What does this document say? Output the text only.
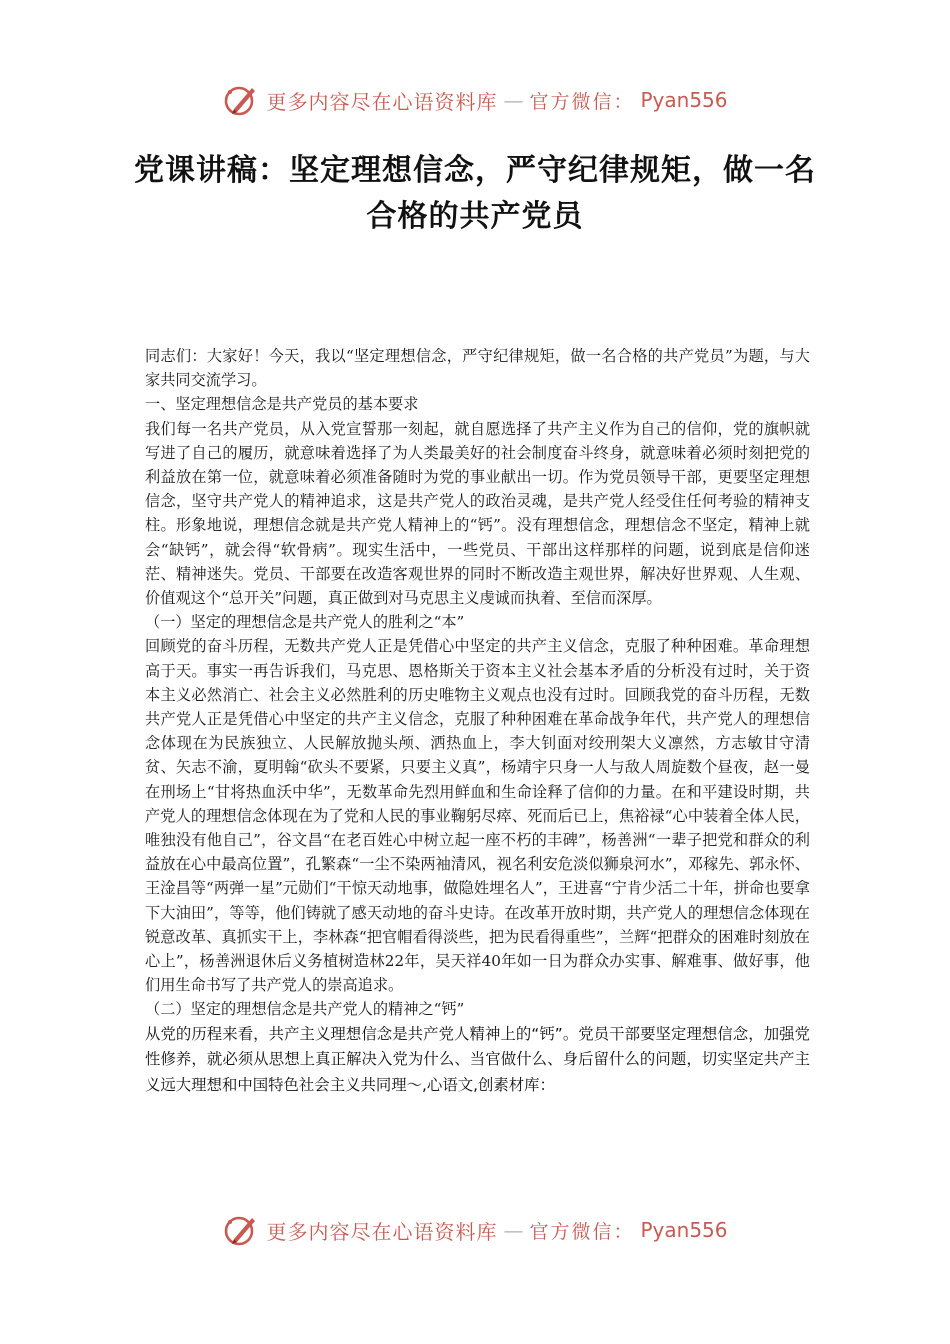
更多内容尽在心语资料库 — 官方微信： Pyan556
党课讲稿：坚定理想信念，严守纪律规矩，做一名合格的共产党员

同志们：大家好！今天，我以“坚定理想信念，严守纪律规矩，做一名合格的共产党员”为题，与大家共同交流学习。

一、坚定理想信念是共产党员的基本要求

我们每一名共产党员，从入党宣誓那一刻起，就自愿选择了共产主义作为自己的信仰，党的旗帜就写进了自己的履历，就意味着选择了为人类最美好的社会制度奋斗终身，就意味着必须时刻把党的利益放在第一位，就意味着必须准备随时为党的事业献出一切。作为党员领导干部，更要坚定理想信念，坚守共产党人的精神追求，这是共产党人的政治灵魂，是共产党人经受住任何考验的精神支柱。形象地说，理想信念就是共产党人精神上的“钙”。没有理想信念，理想信念不坚定，精神上就会“缺钙”，就会得“软骨病”。现实生活中，一些党员、干部出这样那样的问题，说到底是信仰迷茫、精神迷失。党员、干部要在改造客观世界的同时不断改造主观世界，解决好世界观、人生观、价值观这个“总开关”问题，真正做到对马克思主义虔诚而执着、至信而深厚。

（一）坚定的理想信念是共产党人的胜利之“本”

回顾党的奋斗历程，无数共产党人正是凭借心中坚定的共产主义信念，克服了种种困难。革命理想高于天。事实一再告诉我们，马克思、恩格斯关于资本主义社会基本矛盾的分析没有过时，关于资本主义必然消亡、社会主义必然胜利的历史唯物主义观点也没有过时。回顾我党的奋斗历程，无数共产党人正是凭借心中坚定的共产主义信念，克服了种种困难在革命战争年代，共产党人的理想信念体现在为民族独立、人民解放抛头颅、洒热血上，李大钊面对绞刑架大义凛然，方志敏甘守清贫、矢志不渝，夏明翰“砍头不要紧，只要主义真”，杨靖宇只身一人与敌人周旋数个昼夜，赵一曼在刑场上“甘将热血沃中华”，无数革命先烈用鲜血和生命诠释了信仰的力量。在和平建设时期，共产党人的理想信念体现在为了党和人民的事业鞠躬尽瘁、死而后已上，焦裕禄“心中装着全体人民，唯独没有他自己”，谷文昌“在老百姓心中树立起一座不朽的丰碑”，杨善洲“一辈子把党和群众的利益放在心中最高位置”，孔繁森“一尘不染两袖清风，视名利安危淡似狮泉河水”，邓稼先、郭永怀、王淦昌等“两弹一星”元勋们“干惊天动地事，做隐姓埋名人”，王进喜“宁肯少活二十年，拼命也要拿下大油田”，等等，他们铸就了感天动地的奋斗史诗。在改革开放时期，共产党人的理想信念体现在锐意改革、真抓实干上，李林森“把官帽看得淡些，把为民看得重些”，兰辉“把群众的困难时刻放在心上”，杨善洲退休后义务植树造林22年，吴天祥40年如一日为群众办实事、解难事、做好事，他们用生命书写了共产党人的崇高追求。

（二）坚定的理想信念是共产党人的精神之“钙”

从党的历程来看，共产主义理想信念是共产党人精神上的“钙”。党员干部要坚定理想信念，加强党性修养，就必须从思想上真正解决入党为什么、当官做什么、身后留什么的问题，切实坚定共产主义远大理想和中国特色社会主义共同理～,心语文,创素材库：

更多内容尽在心语资料库 — 官方微信： Pyan556
